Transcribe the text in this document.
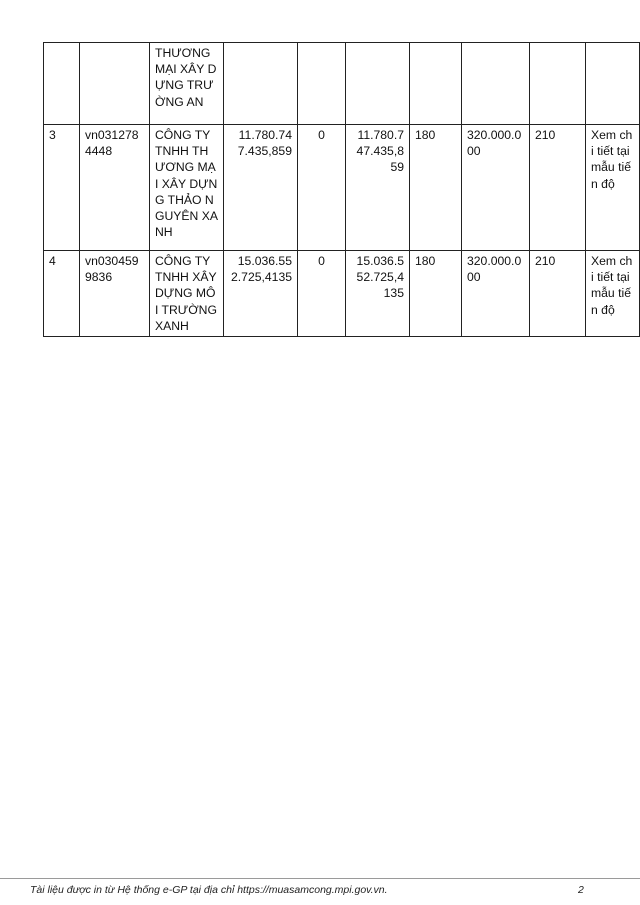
		THƯƠNG MẠI XÂY DỰNG TRƯỜNG AN							
3	vn0312784448	CÔNG TY TNHH THƯƠNG MẠI XÂY DỰNG THẢO NGUYÊN XANH	11.780.747.435,859	0	11.780.747.435,859	180	320.000.000	210	Xem chi tiết tại mẫu tiến độ
4	vn0304599836	CÔNG TY TNHH XÂY DỰNG MÔI TRƯỜNG XANH	15.036.552.725,4135	0	15.036.552.725,4135	180	320.000.000	210	Xem chi tiết tại mẫu tiến độ
Tài liệu được in từ Hệ thống e-GP tại địa chỉ https://muasamcong.mpi.gov.vn.	2
